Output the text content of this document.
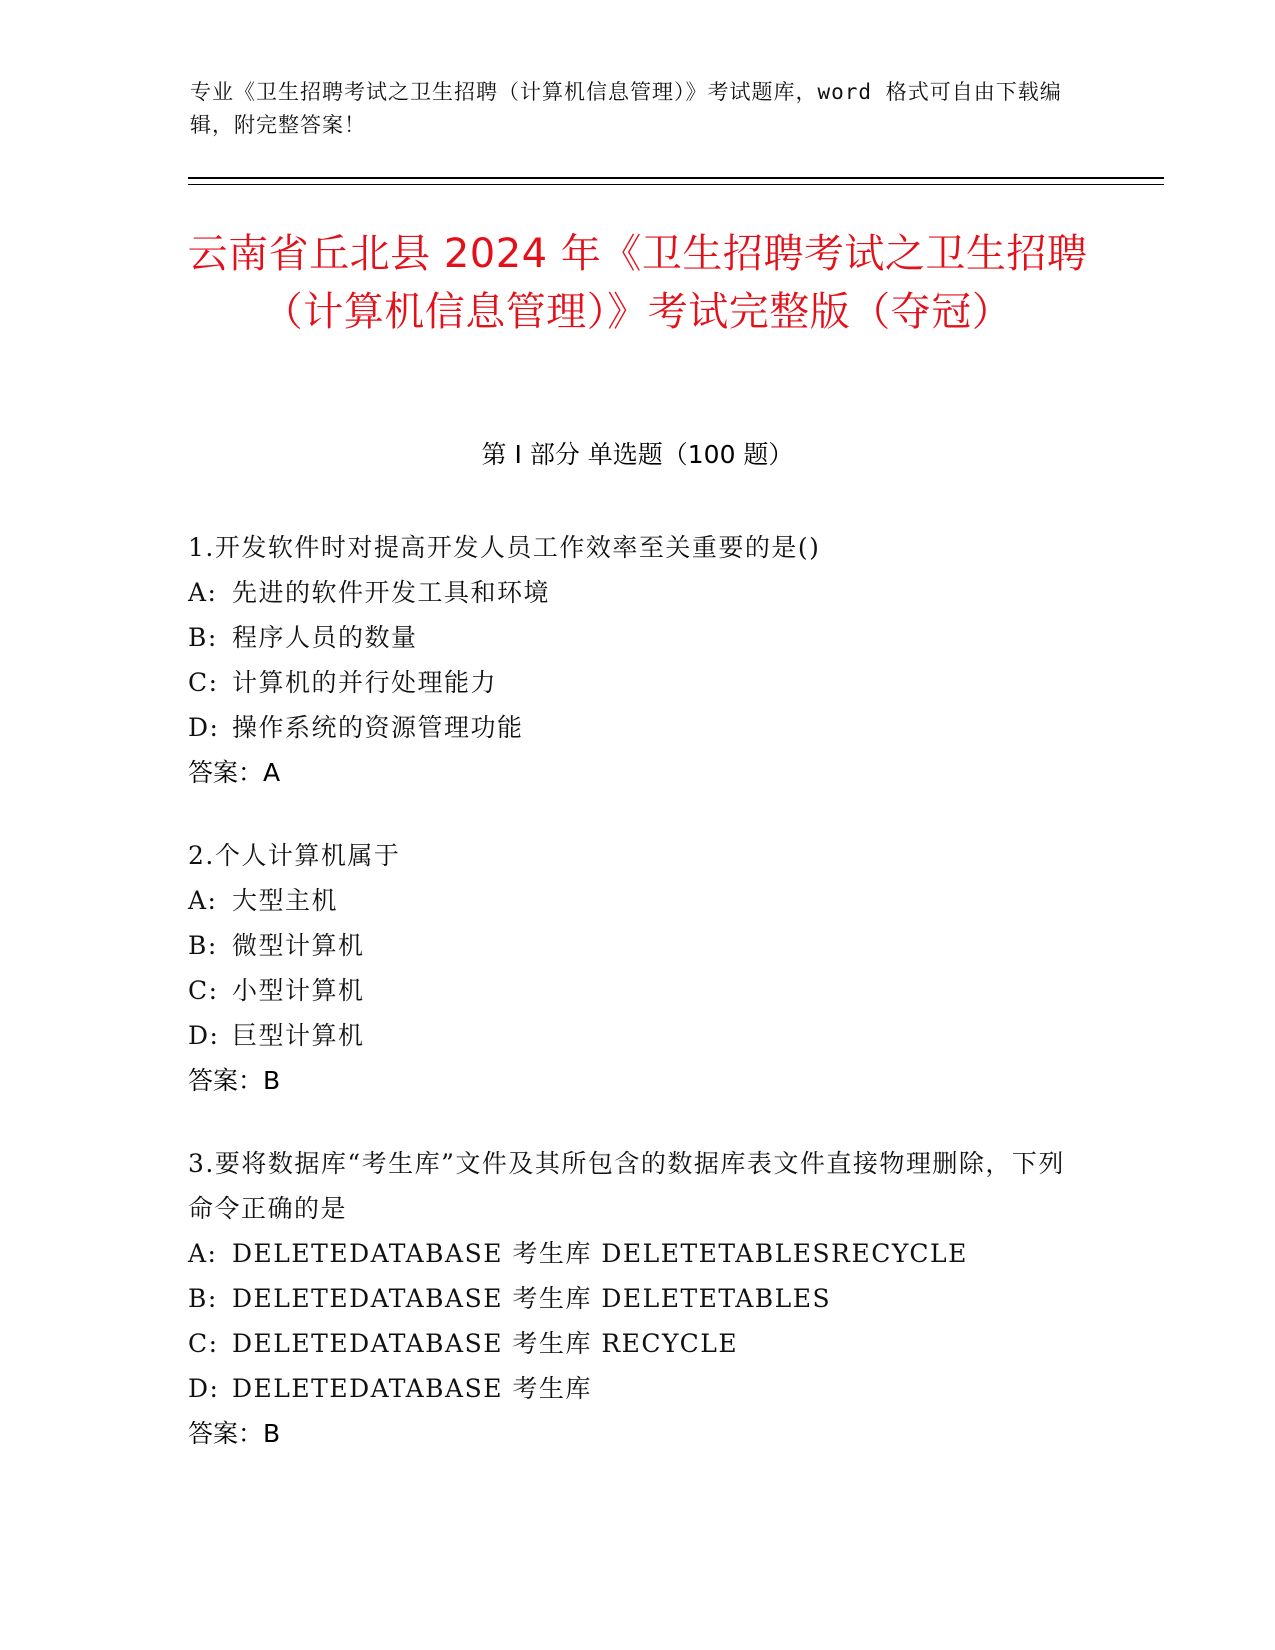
专业《卫生招聘考试之卫生招聘（计算机信息管理）》考试题库，word 格式可自由下载编辑，附完整答案！
云南省丘北县 2024 年《卫生招聘考试之卫生招聘（计算机信息管理）》考试完整版（夺冠）
第 I 部分 单选题（100 题）
1.开发软件时对提高开发人员工作效率至关重要的是()
A: 先进的软件开发工具和环境
B: 程序人员的数量
C: 计算机的并行处理能力
D: 操作系统的资源管理功能
答案：A
2.个人计算机属于
A: 大型主机
B: 微型计算机
C: 小型计算机
D: 巨型计算机
答案：B
3.要将数据库“考生库”文件及其所包含的数据库表文件直接物理删除，下列命令正确的是
A: DELETEDATABASE 考生库 DELETETABLESRECYCLE
B: DELETEDATABASE 考生库 DELETETABLES
C: DELETEDATABASE 考生库 RECYCLE
D: DELETEDATABASE 考生库
答案：B
